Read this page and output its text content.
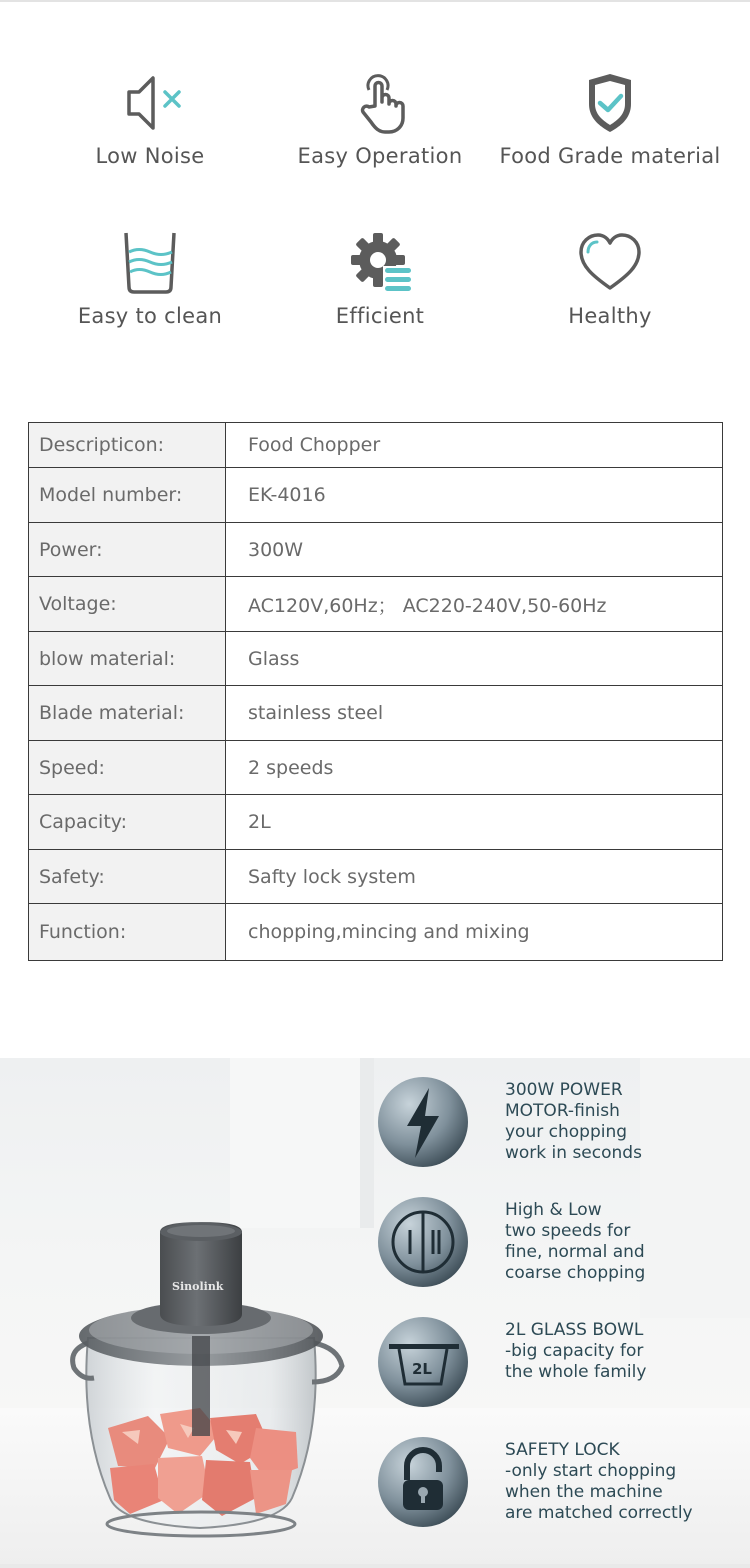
Low Noise	Easy Operation	Food Grade material
Easy to clean	Efficient	Healthy
Descripticon:	Food Chopper
Model number:	EK-4016
Power:	300W
Voltage:	AC120V,60Hz； AC220-240V,50-60Hz
blow material:	Glass
Blade material:	stainless steel
Speed:	2 speeds
Capacity:	2L
Safety:	Safty lock system
Function:	chopping,mincing and mixing
Sinolink

300W POWER
MOTOR-finish
your chopping
work in seconds

High & Low
two speeds for
fine, normal and
coarse chopping

2L

2L GLASS BOWL
-big capacity for
the whole family

SAFETY LOCK
-only start chopping
when the machine
are matched correctly
